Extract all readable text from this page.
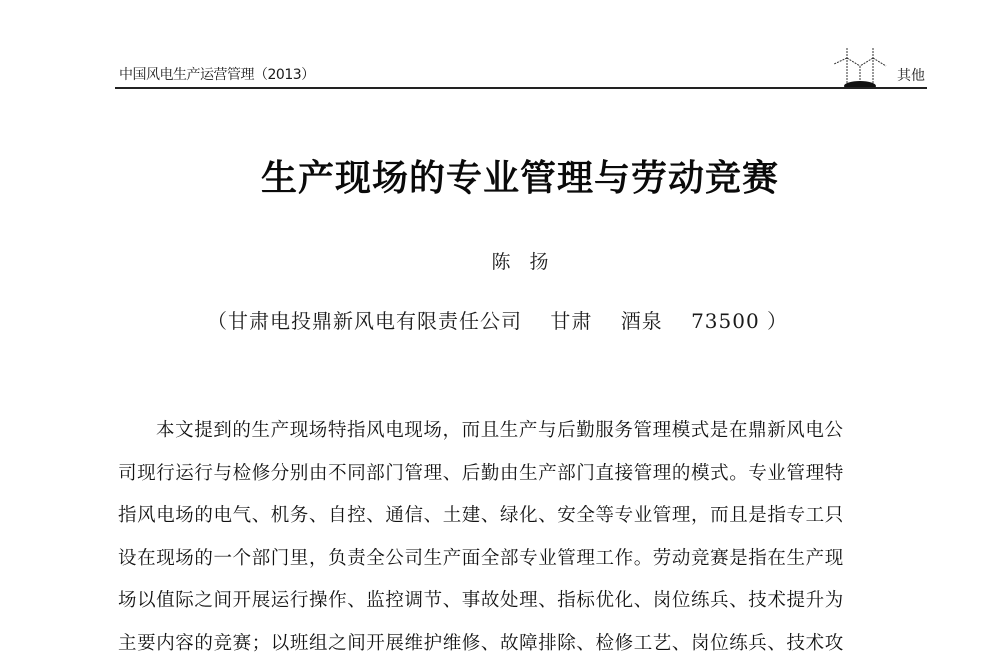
中国风电生产运营管理（2013）	其他
生产现场的专业管理与劳动竞赛
陈　扬
（甘肃电投鼎新风电有限责任公司　 甘肃　 酒泉　 73500 ）
本文提到的生产现场特指风电现场，而且生产与后勤服务管理模式是在鼎新风电公
司现行运行与检修分别由不同部门管理、后勤由生产部门直接管理的模式。专业管理特
指风电场的电气、机务、自控、通信、土建、绿化、安全等专业管理，而且是指专工只
设在现场的一个部门里，负责全公司生产面全部专业管理工作。劳动竞赛是指在生产现
场以值际之间开展运行操作、监控调节、事故处理、指标优化、岗位练兵、技术提升为
主要内容的竞赛；以班组之间开展维护维修、故障排除、检修工艺、岗位练兵、技术攻
